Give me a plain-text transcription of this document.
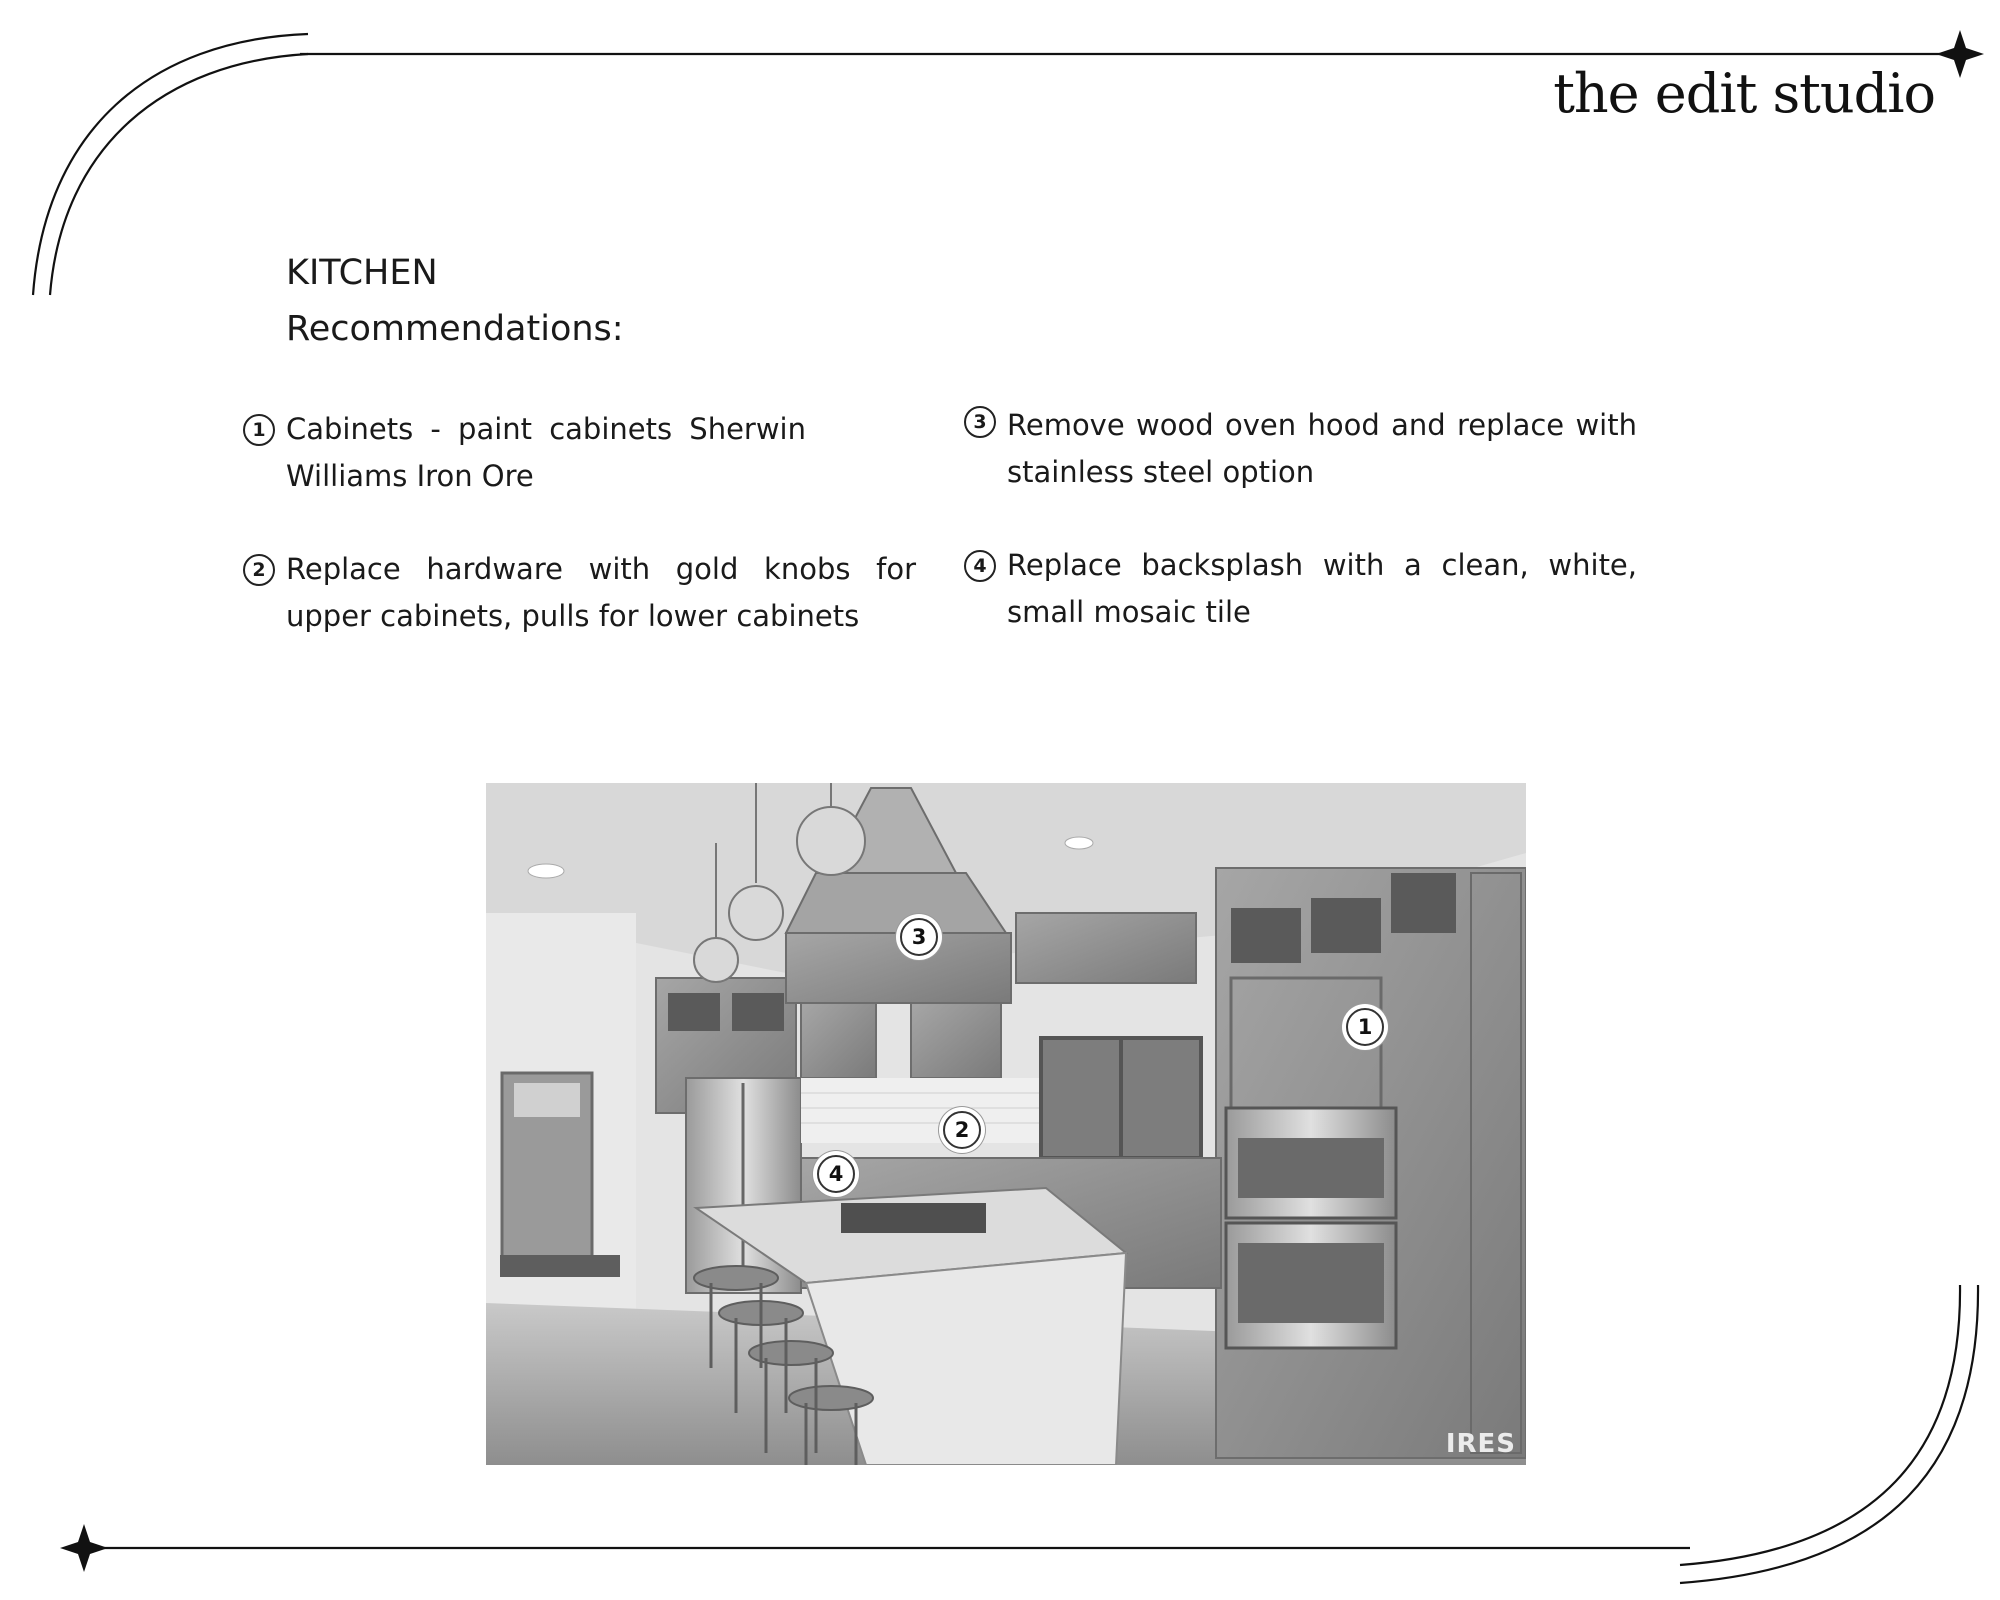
the edit studio
KITCHEN
Recommendations:
1 Cabinets - paint cabinets Sherwin Williams Iron Ore
2 Replace hardware with gold knobs for upper cabinets, pulls for lower cabinets
3 Remove wood oven hood and replace with stainless steel option
4 Replace backsplash with a clean, white, small mosaic tile
1
2
3
4
IRES
